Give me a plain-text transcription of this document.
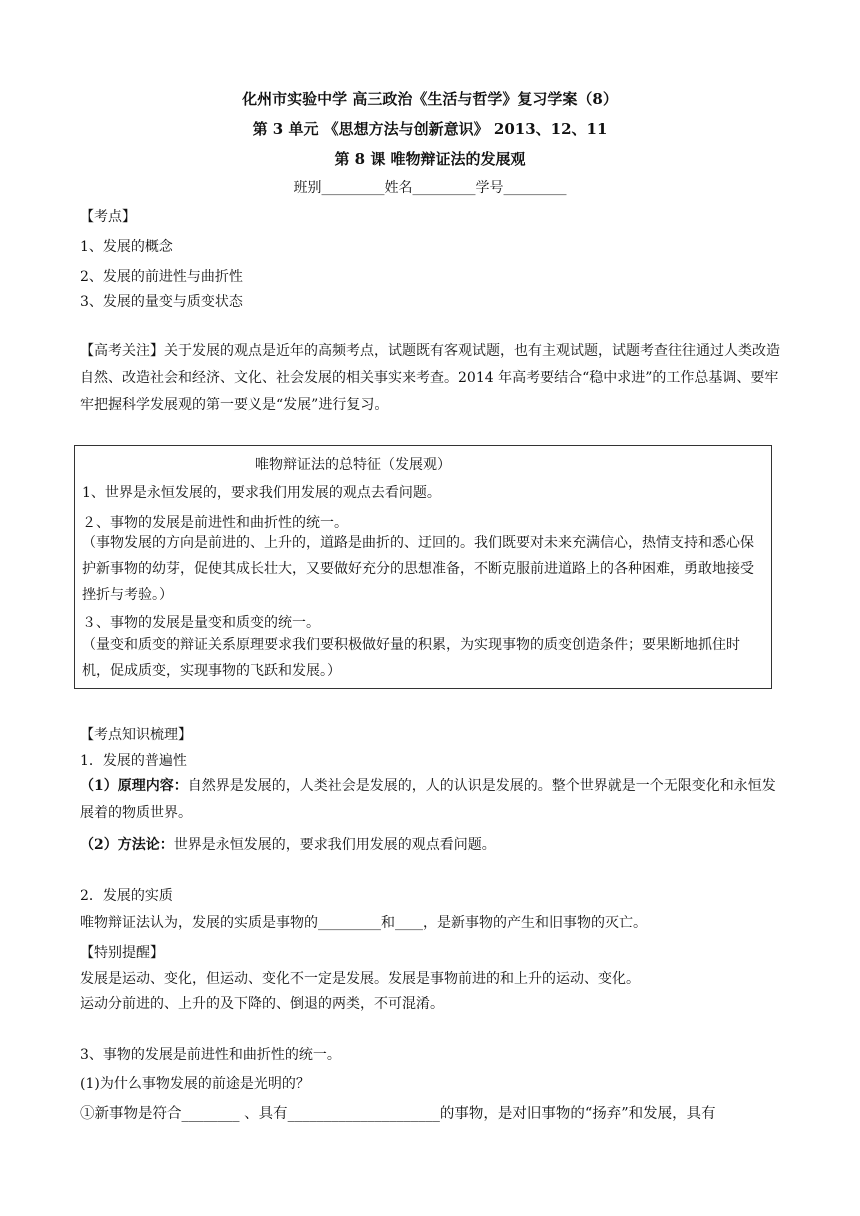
化州市实验中学 高三政治《生活与哲学》复习学案（8）
第 3 单元 《思想方法与创新意识》 2013、12、11
第 8 课 唯物辩证法的发展观
班别_________姓名_________学号_________
【考点】
1、发展的概念
2、发展的前进性与曲折性
3、发展的量变与质变状态
【高考关注】关于发展的观点是近年的高频考点，试题既有客观试题，也有主观试题，试题考查往往通过人类改造自然、改造社会和经济、文化、社会发展的相关事实来考查。2014 年高考要结合“稳中求进”的工作总基调、要牢牢把握科学发展观的第一要义是“发展”进行复习。
唯物辩证法的总特征（发展观）
1、世界是永恒发展的，要求我们用发展的观点去看问题。
２、事物的发展是前进性和曲折性的统一。
（事物发展的方向是前进的、上升的，道路是曲折的、迂回的。我们既要对未来充满信心，热情支持和悉心保护新事物的幼芽，促使其成长壮大，又要做好充分的思想准备，不断克服前进道路上的各种困难，勇敢地接受挫折与考验。）
３、事物的发展是量变和质变的统一。
（量变和质变的辩证关系原理要求我们要积极做好量的积累，为实现事物的质变创造条件；要果断地抓住时机，促成质变，实现事物的飞跃和发展。）
【考点知识梳理】
1．发展的普遍性
（1）原理内容：自然界是发展的，人类社会是发展的，人的认识是发展的。整个世界就是一个无限变化和永恒发展着的物质世界。
（2）方法论：世界是永恒发展的，要求我们用发展的观点看问题。
2．发展的实质
唯物辩证法认为，发展的实质是事物的_________和____，是新事物的产生和旧事物的灭亡。
【特别提醒】
发展是运动、变化，但运动、变化不一定是发展。发展是事物前进的和上升的运动、变化。
运动分前进的、上升的及下降的、倒退的两类，不可混淆。
3、事物的发展是前进性和曲折性的统一。
(1)为什么事物发展的前途是光明的？
①新事物是符合________ 、具有_____________________的事物，是对旧事物的“扬弃”和发展，具有
